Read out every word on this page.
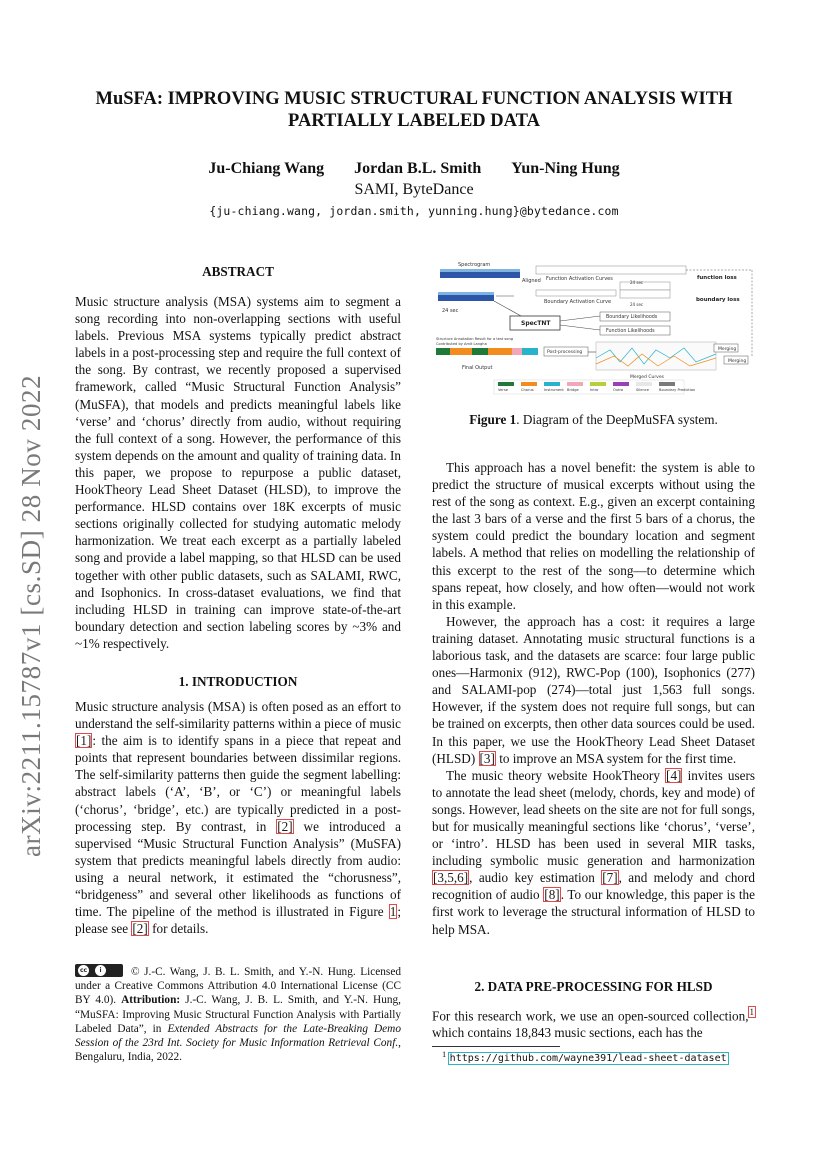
MuSFA: IMPROVING MUSIC STRUCTURAL FUNCTION ANALYSIS WITH PARTIALLY LABELED DATA
Ju-Chiang Wang Jordan B.L. Smith Yun-Ning Hung
SAMI, ByteDance
{ju-chiang.wang, jordan.smith, yunning.hung}@bytedance.com
arXiv:2211.15787v1 [cs.SD] 28 Nov 2022
ABSTRACT
Music structure analysis (MSA) systems aim to segment a song recording into non-overlapping sections with useful labels. Previous MSA systems typically predict abstract labels in a post-processing step and require the full context of the song. By contrast, we recently proposed a supervised framework, called “Music Structural Function Analysis” (MuSFA), that models and predicts meaningful labels like ‘verse’ and ‘chorus’ directly from audio, without requiring the full context of a song. However, the performance of this system depends on the amount and quality of training data. In this paper, we propose to repurpose a public dataset, HookTheory Lead Sheet Dataset (HLSD), to improve the performance. HLSD contains over 18K excerpts of music sections originally collected for studying automatic melody harmonization. We treat each excerpt as a partially labeled song and provide a label mapping, so that HLSD can be used together with other public datasets, such as SALAMI, RWC, and Isophonics. In cross-dataset evaluations, we find that including HLSD in training can improve state-of-the-art boundary detection and section labeling scores by ~3% and ~1% respectively.
1. INTRODUCTION
Music structure analysis (MSA) is often posed as an effort to understand the self-similarity patterns within a piece of music [1]: the aim is to identify spans in a piece that repeat and points that represent boundaries between dissimilar regions. The self-similarity patterns then guide the segment labelling: abstract labels (‘A’, ‘B’, or ‘C’) or meaningful labels (‘chorus’, ‘bridge’, etc.) are typically predicted in a post-processing step. By contrast, in [2] we introduced a supervised “Music Structural Function Analysis” (MuSFA) system that predicts meaningful labels directly from audio: using a neural network, it estimated the “chorusness”, “bridgeness” and several other likelihoods as functions of time. The pipeline of the method is illustrated in Figure 1; please see [2] for details.
cc	i	© J.-C. Wang, J. B. L. Smith, and Y.-N. Hung. Licensed under a Creative Commons Attribution 4.0 International License (CC BY 4.0). Attribution: J.-C. Wang, J. B. L. Smith, and Y.-N. Hung, “MuSFA: Improving Music Structural Function Analysis with Partially Labeled Data”, in Extended Abstracts for the Late-Breaking Demo Session of the 23rd Int. Society for Music Information Retrieval Conf., Bengaluru, India, 2022.
Spectrogram
24 sec
Aligned Function Activation Curves
24 sec
Boundary Activation Curve	24 sec
function loss
boundary loss
SpecTNT
Boundary Likelihoods
Function Likelihoods
Structure Annotation Result for a test song
Contributed by Amit Langha
Final Output
Post-processing
Merged Curves
Merging
Merging
Verse	Chorus	Instrument Bridge	Intro	Outro	Silence	Boundary Prediction
Figure 1. Diagram of the DeepMuSFA system.

This approach has a novel benefit: the system is able to predict the structure of musical excerpts without using the rest of the song as context. E.g., given an excerpt containing the last 3 bars of a verse and the first 5 bars of a chorus, the system could predict the boundary location and segment labels. A method that relies on modelling the relationship of this excerpt to the rest of the song—to determine which spans repeat, how closely, and how often—would not work in this example.

However, the approach has a cost: it requires a large training dataset. Annotating music structural functions is a laborious task, and the datasets are scarce: four large public ones—Harmonix (912), RWC-Pop (100), Isophonics (277) and SALAMI-pop (274)—total just 1,563 full songs. However, if the system does not require full songs, but can be trained on excerpts, then other data sources could be used. In this paper, we use the HookTheory Lead Sheet Dataset (HLSD) [3] to improve an MSA system for the first time.

The music theory website HookTheory [4] invites users to annotate the lead sheet (melody, chords, key and mode) of songs. However, lead sheets on the site are not for full songs, but for musically meaningful sections like ‘chorus’, ‘verse’, or ‘intro’. HLSD has been used in several MIR tasks, including symbolic music generation and harmonization [3,5,6], audio key estimation [7], and melody and chord recognition of audio [8]. To our knowledge, this paper is the first work to leverage the structural information of HLSD to help MSA.

2. DATA PRE-PROCESSING FOR HLSD
For this research work, we use an open-sourced collection,$^1$ which contains 18,843 music sections, each has the
$^1$ https://github.com/wayne391/lead-sheet-dataset
